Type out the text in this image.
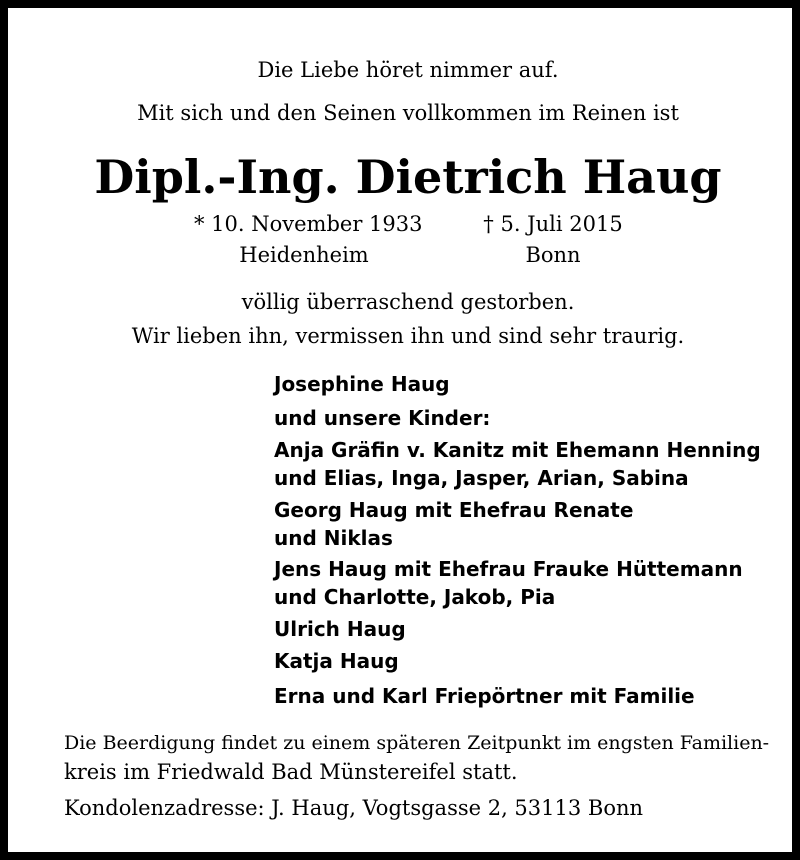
Die Liebe höret nimmer auf.
Mit sich und den Seinen vollkommen im Reinen ist
Dipl.-Ing. Dietrich Haug
* 10. November 1933
Heidenheim
† 5. Juli 2015
Bonn
völlig überraschend gestorben.
Wir lieben ihn, vermissen ihn und sind sehr traurig.
Josephine Haug
und unsere Kinder:
Anja Gräfin v. Kanitz mit Ehemann Henning
und Elias, Inga, Jasper, Arian, Sabina
Georg Haug mit Ehefrau Renate
und Niklas
Jens Haug mit Ehefrau Frauke Hüttemann
und Charlotte, Jakob, Pia
Ulrich Haug
Katja Haug
Erna und Karl Friepörtner mit Familie
Die Beerdigung findet zu einem späteren Zeitpunkt im engsten Familien-
kreis im Friedwald Bad Münstereifel statt.
Kondolenzadresse: J. Haug, Vogtsgasse 2, 53113 Bonn
